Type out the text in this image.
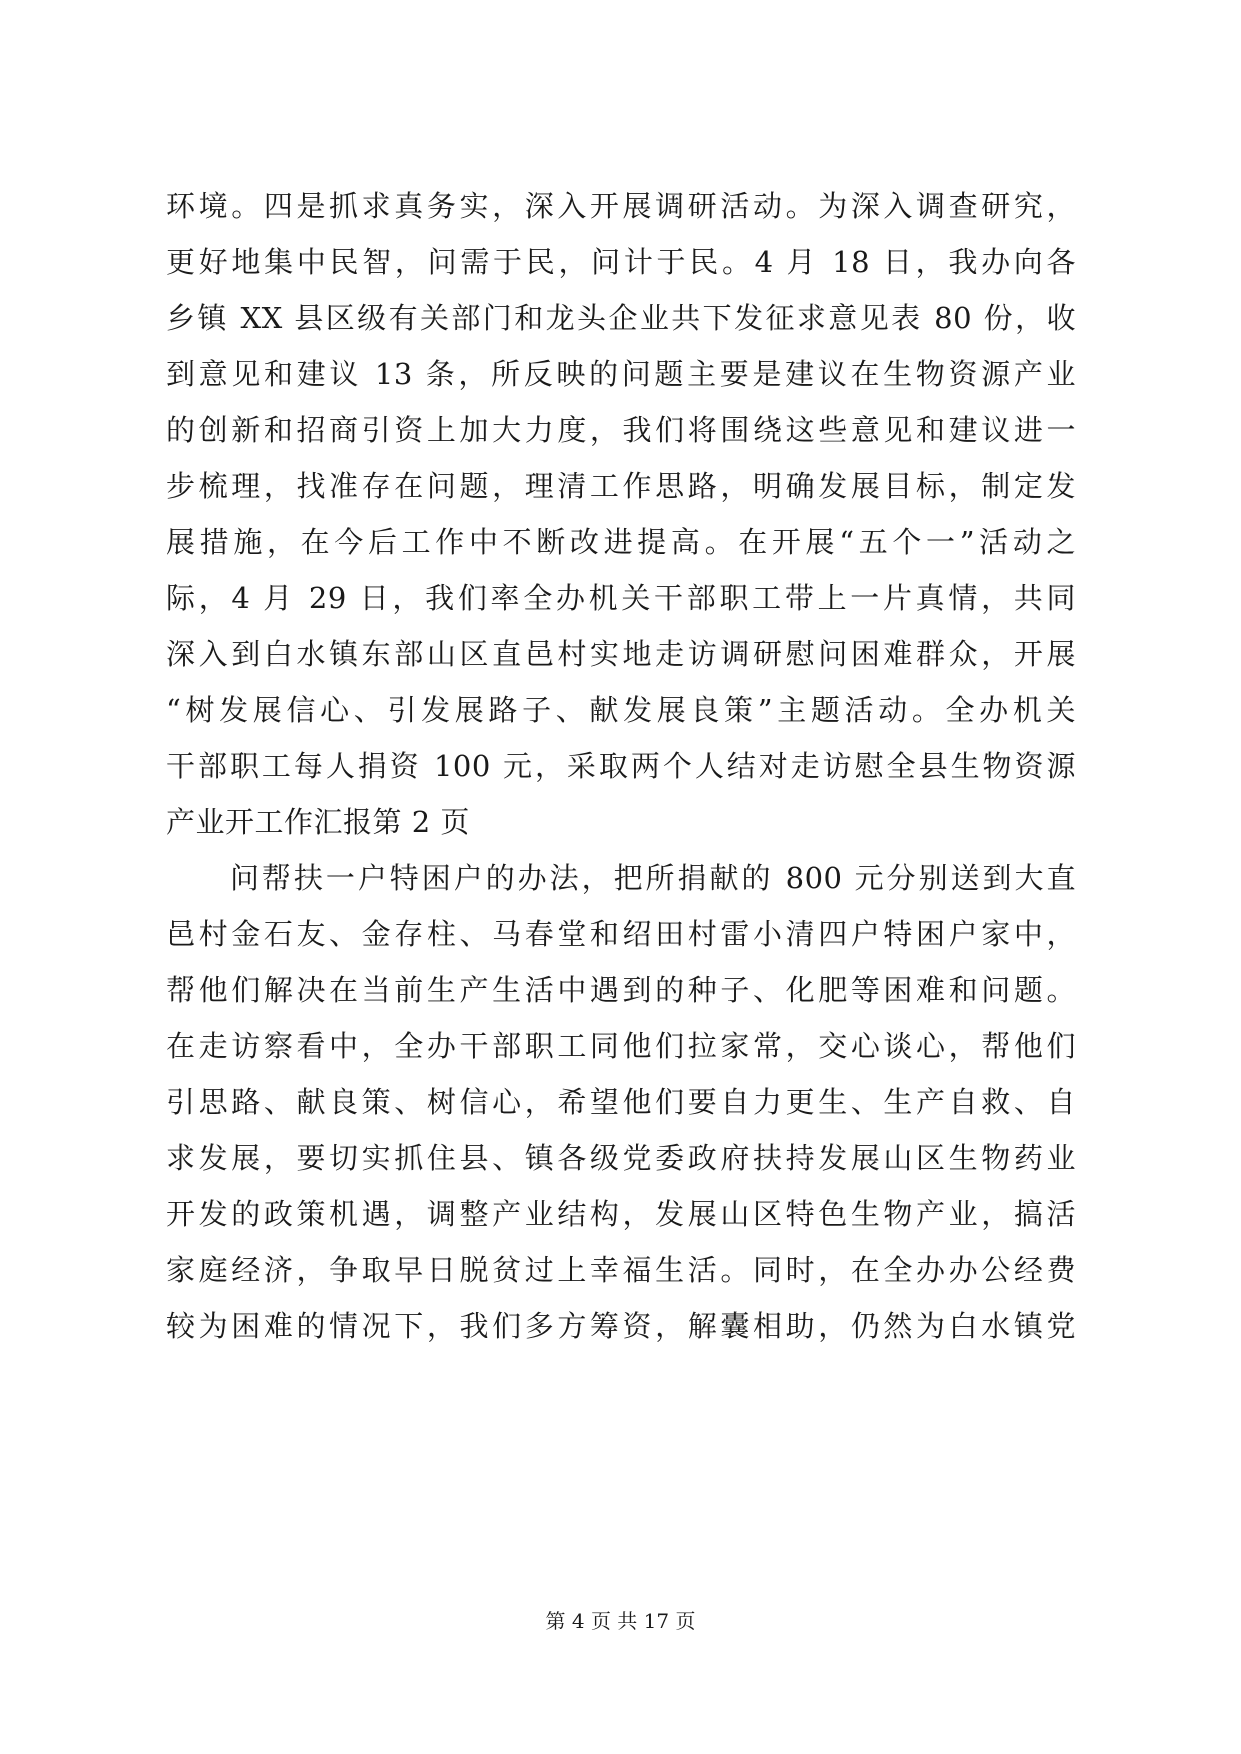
环境。四是抓求真务实，深入开展调研活动。为深入调查研究，
更好地集中民智，问需于民，问计于民。4 月 18 日，我办向各
乡镇 XX 县区级有关部门和龙头企业共下发征求意见表 80 份，收
到意见和建议 13 条，所反映的问题主要是建议在生物资源产业
的创新和招商引资上加大力度，我们将围绕这些意见和建议进一
步梳理，找准存在问题，理清工作思路，明确发展目标，制定发
展措施，在今后工作中不断改进提高。在开展“五个一”活动之
际，4 月 29 日，我们率全办机关干部职工带上一片真情，共同
深入到白水镇东部山区直邑村实地走访调研慰问困难群众，开展
“树发展信心、引发展路子、献发展良策”主题活动。全办机关
干部职工每人捐资 100 元，采取两个人结对走访慰全县生物资源
产业开工作汇报第 2 页
　　问帮扶一户特困户的办法，把所捐献的 800 元分别送到大直
邑村金石友、金存柱、马春堂和绍田村雷小清四户特困户家中，
帮他们解决在当前生产生活中遇到的种子、化肥等困难和问题。
在走访察看中，全办干部职工同他们拉家常，交心谈心，帮他们
引思路、献良策、树信心，希望他们要自力更生、生产自救、自
求发展，要切实抓住县、镇各级党委政府扶持发展山区生物药业
开发的政策机遇，调整产业结构，发展山区特色生物产业，搞活
家庭经济，争取早日脱贫过上幸福生活。同时，在全办办公经费
较为困难的情况下，我们多方筹资，解囊相助，仍然为白水镇党
第 4 页 共 17 页
